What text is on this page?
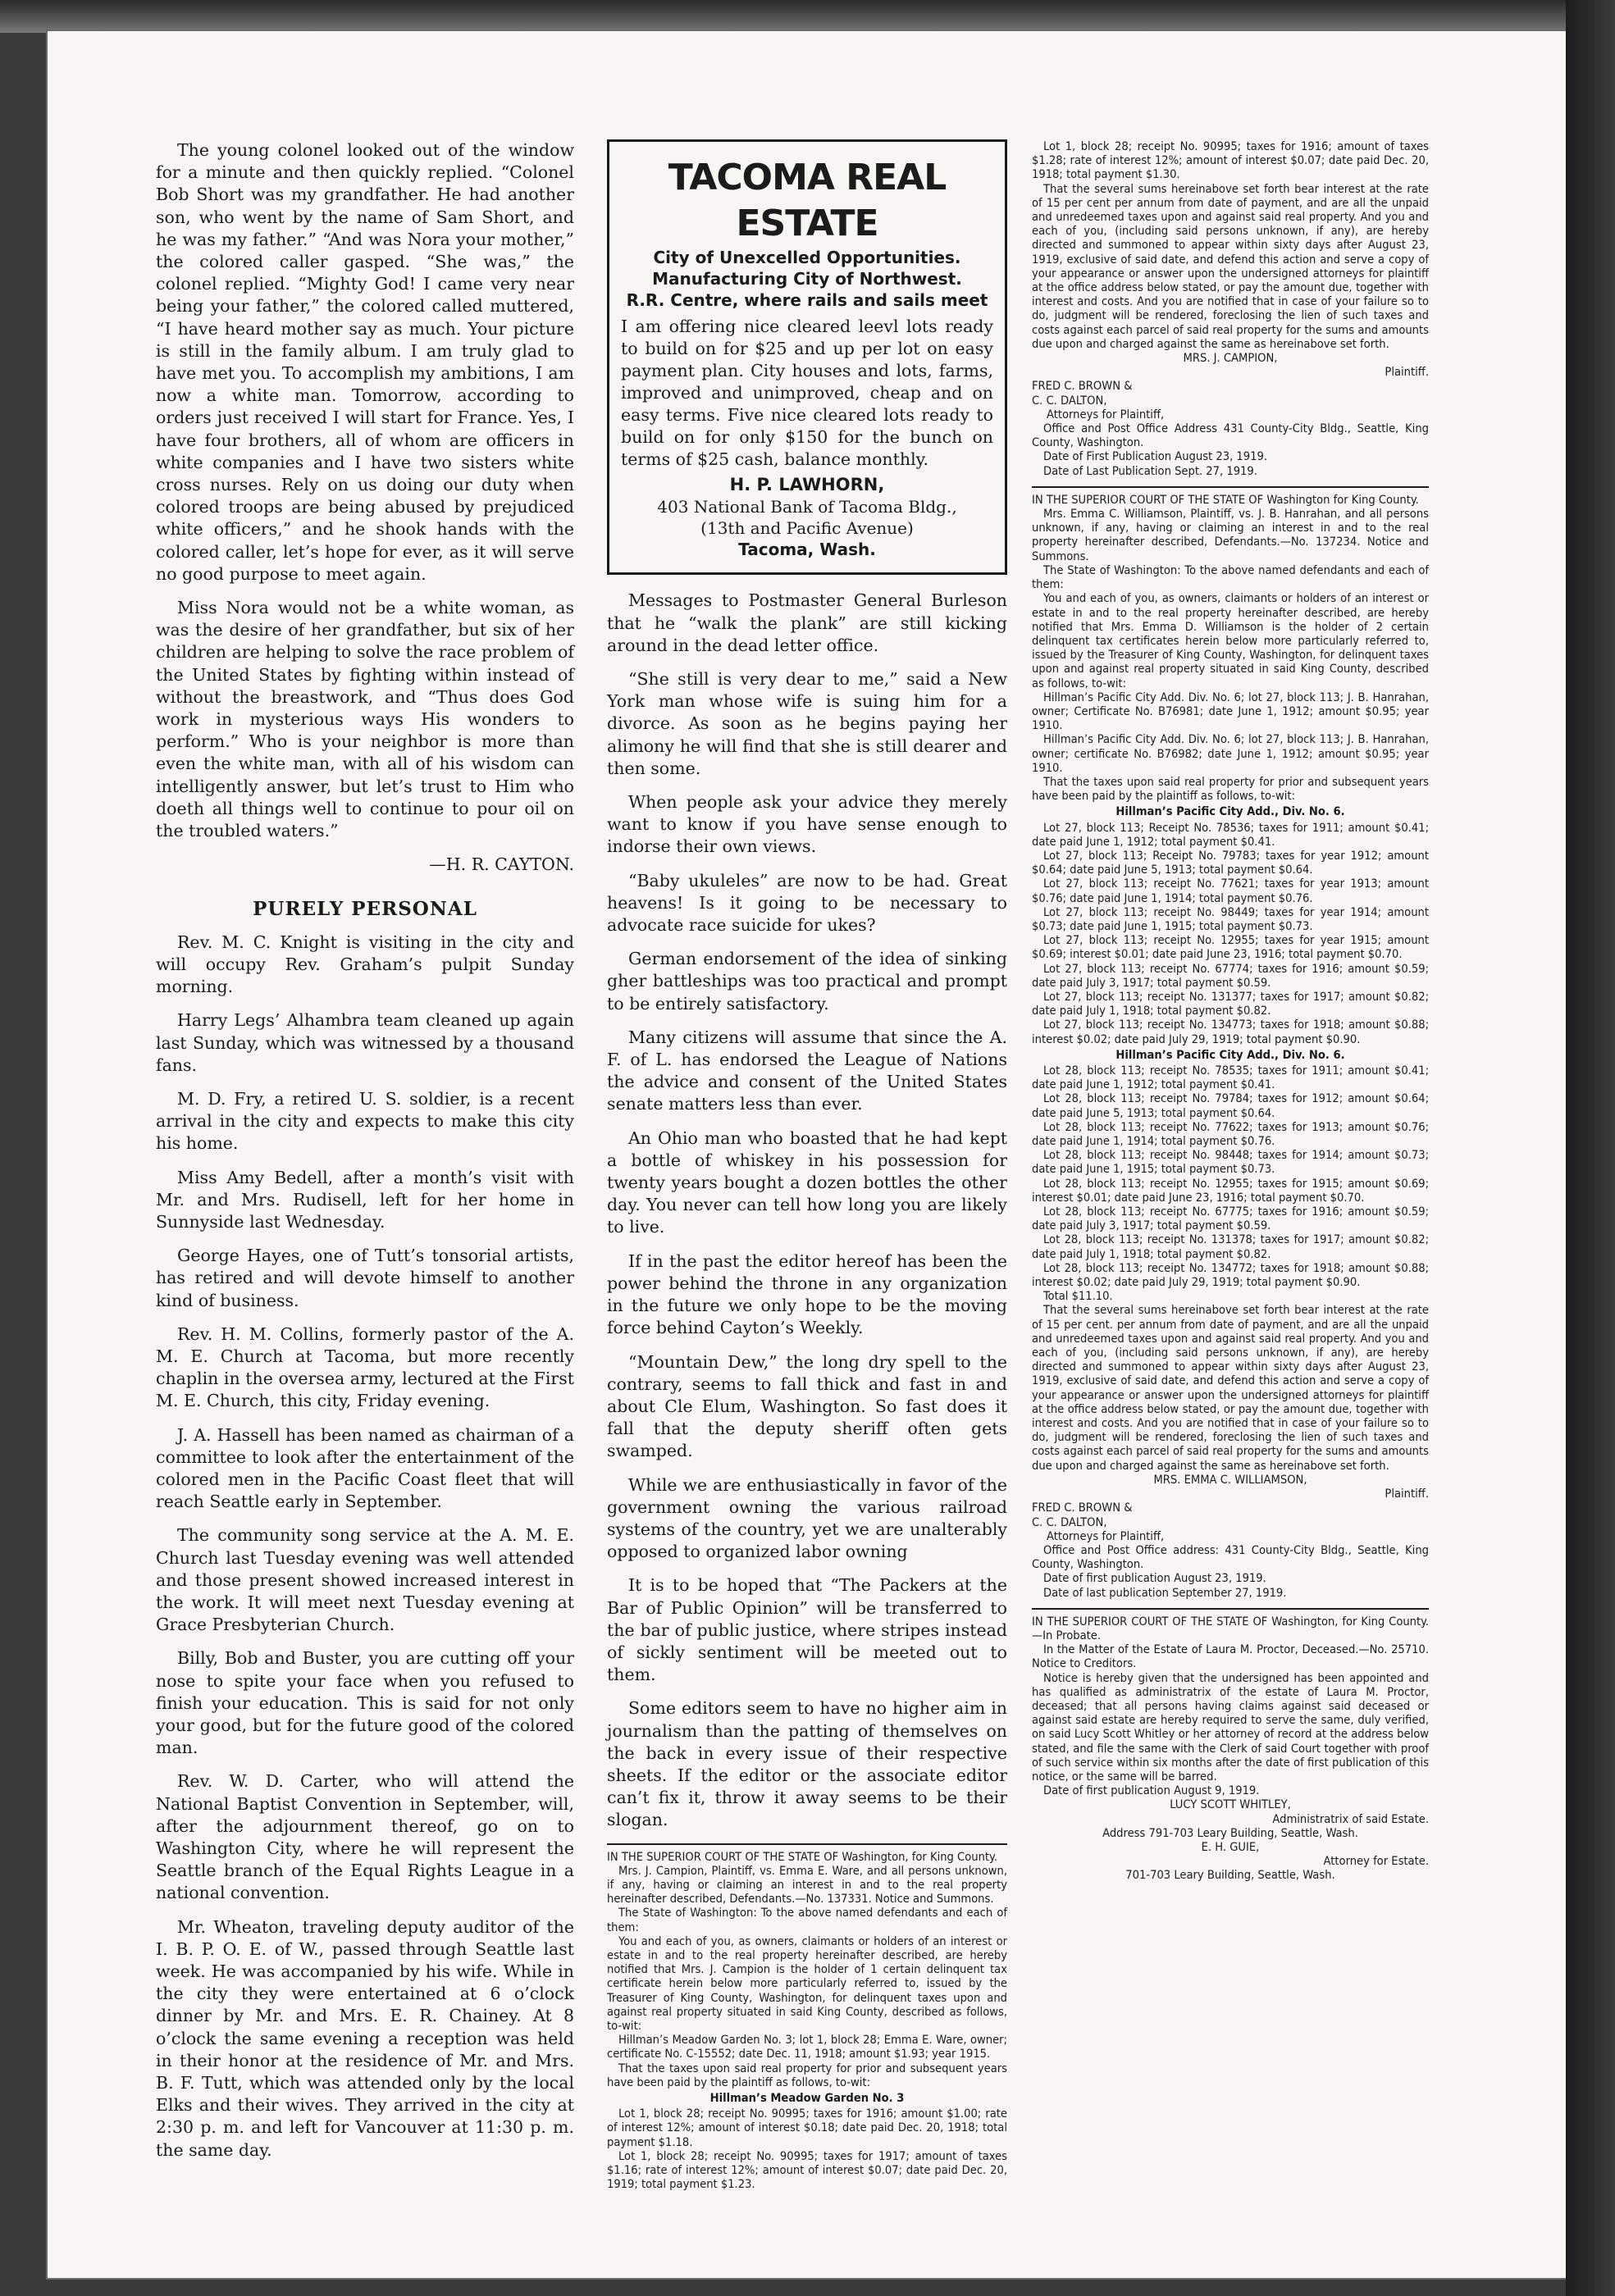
The young colonel looked out of the window for a minute and then quickly replied. “Colonel Bob Short was my grandfather. He had another son, who went by the name of Sam Short, and he was my father.” “And was Nora your mother,” the colored caller gasped. “She was,” the colonel replied. “Mighty God! I came very near being your father,” the colored called muttered, “I have heard mother say as much. Your picture is still in the family album. I am truly glad to have met you. To accomplish my ambitions, I am now a white man. Tomorrow, according to orders just received I will start for France. Yes, I have four brothers, all of whom are officers in white companies and I have two sisters white cross nurses. Rely on us doing our duty when colored troops are being abused by prejudiced white officers,” and he shook hands with the colored caller, let’s hope for ever, as it will serve no good purpose to meet again.

Miss Nora would not be a white woman, as was the desire of her grandfather, but six of her children are helping to solve the race problem of the United States by fighting within instead of without the breastwork, and “Thus does God work in mysterious ways His wonders to perform.” Who is your neighbor is more than even the white man, with all of his wisdom can intelligently answer, but let’s trust to Him who doeth all things well to continue to pour oil on the troubled waters.”

—H. R. CAYTON.
PURELY PERSONAL

Rev. M. C. Knight is visiting in the city and will occupy Rev. Graham’s pulpit Sunday morning.

Harry Legs’ Alhambra team cleaned up again last Sunday, which was witnessed by a thousand fans.

M. D. Fry, a retired U. S. soldier, is a recent arrival in the city and expects to make this city his home.

Miss Amy Bedell, after a month’s visit with Mr. and Mrs. Rudisell, left for her home in Sunnyside last Wednesday.

George Hayes, one of Tutt’s tonsorial artists, has retired and will devote himself to another kind of business.

Rev. H. M. Collins, formerly pastor of the A. M. E. Church at Tacoma, but more recently chaplin in the oversea army, lectured at the First M. E. Church, this city, Friday evening.

J. A. Hassell has been named as chairman of a committee to look after the entertainment of the colored men in the Pacific Coast fleet that will reach Seattle early in September.

The community song service at the A. M. E. Church last Tuesday evening was well attended and those present showed increased interest in the work. It will meet next Tuesday evening at Grace Presbyterian Church.

Billy, Bob and Buster, you are cutting off your nose to spite your face when you refused to finish your education. This is said for not only your good, but for the future good of the colored man.

Rev. W. D. Carter, who will attend the National Baptist Convention in September, will, after the adjournment thereof, go on to Washington City, where he will represent the Seattle branch of the Equal Rights League in a national convention.

Mr. Wheaton, traveling deputy auditor of the I. B. P. O. E. of W., passed through Seattle last week. He was accompanied by his wife. While in the city they were entertained at 6 o’clock dinner by Mr. and Mrs. E. R. Chainey. At 8 o’clock the same evening a reception was held in their honor at the residence of Mr. and Mrs. B. F. Tutt, which was attended only by the local Elks and their wives. They arrived in the city at 2:30 p. m. and left for Vancouver at 11:30 p. m. the same day.

TACOMA REAL ESTATE
City of Unexcelled Opportunities.
Manufacturing City of Northwest.
R.R. Centre, where rails and sails meet
I am offering nice cleared leevl lots ready to build on for $25 and up per lot on easy payment plan. City houses and lots, farms, improved and unimproved, cheap and on easy terms. Five nice cleared lots ready to build on for only $150 for the bunch on terms of $25 cash, balance monthly.
H. P. LAWHORN,
403 National Bank of Tacoma Bldg.,
(13th and Pacific Avenue)
Tacoma, Wash.

Messages to Postmaster General Burleson that he “walk the plank” are still kicking around in the dead letter office.

“She still is very dear to me,” said a New York man whose wife is suing him for a divorce. As soon as he begins paying her alimony he will find that she is still dearer and then some.

When people ask your advice they merely want to know if you have sense enough to indorse their own views.

“Baby ukuleles” are now to be had. Great heavens! Is it going to be necessary to advocate race suicide for ukes?

German endorsement of the idea of sinking gher battleships was too practical and prompt to be entirely satisfactory.

Many citizens will assume that since the A. F. of L. has endorsed the League of Nations the advice and consent of the United States senate matters less than ever.

An Ohio man who boasted that he had kept a bottle of whiskey in his possession for twenty years bought a dozen bottles the other day. You never can tell how long you are likely to live.

If in the past the editor hereof has been the power behind the throne in any organization in the future we only hope to be the moving force behind Cayton’s Weekly.

“Mountain Dew,” the long dry spell to the contrary, seems to fall thick and fast in and about Cle Elum, Washington. So fast does it fall that the deputy sheriff often gets swamped.

While we are enthusiastically in favor of the government owning the various railroad systems of the country, yet we are unalterably opposed to organized labor owning

It is to be hoped that “The Packers at the Bar of Public Opinion” will be transferred to the bar of public justice, where stripes instead of sickly sentiment will be meeted out to them.

Some editors seem to have no higher aim in journalism than the patting of themselves on the back in every issue of their respective sheets. If the editor or the associate editor can’t fix it, throw it away seems to be their slogan.

IN THE SUPERIOR COURT OF THE STATE OF Washington, for King County.

Mrs. J. Campion, Plaintiff, vs. Emma E. Ware, and all persons unknown, if any, having or claiming an interest in and to the real property hereinafter described, Defendants.—No. 137331. Notice and Summons.

The State of Washington: To the above named defendants and each of them:

You and each of you, as owners, claimants or holders of an interest or estate in and to the real property hereinafter described, are hereby notified that Mrs. J. Campion is the holder of 1 certain delinquent tax certificate herein below more particularly referred to, issued by the Treasurer of King County, Washington, for delinquent taxes upon and against real property situated in said King County, described as follows, to-wit:

Hillman’s Meadow Garden No. 3; lot 1, block 28; Emma E. Ware, owner; certificate No. C-15552; date Dec. 11, 1918; amount $1.93; year 1915.

That the taxes upon said real property for prior and subsequent years have been paid by the plaintiff as follows, to-wit:

Hillman’s Meadow Garden No. 3

Lot 1, block 28; receipt No. 90995; taxes for 1916; amount $1.00; rate of interest 12%; amount of interest $0.18; date paid Dec. 20, 1918; total payment $1.18.

Lot 1, block 28; receipt No. 90995; taxes for 1917; amount of taxes $1.16; rate of interest 12%; amount of interest $0.07; date paid Dec. 20, 1919; total payment $1.23.

Lot 1, block 28; receipt No. 90995; taxes for 1916; amount of taxes $1.28; rate of interest 12%; amount of interest $0.07; date paid Dec. 20, 1918; total payment $1.30.

That the several sums hereinabove set forth bear interest at the rate of 15 per cent per annum from date of payment, and are all the unpaid and unredeemed taxes upon and against said real property. And you and each of you, (including said persons unknown, if any), are hereby directed and summoned to appear within sixty days after August 23, 1919, exclusive of said date, and defend this action and serve a copy of your appearance or answer upon the undersigned attorneys for plaintiff at the office address below stated, or pay the amount due, together with interest and costs. And you are notified that in case of your failure so to do, judgment will be rendered, foreclosing the lien of such taxes and costs against each parcel of said real property for the sums and amounts due upon and charged against the same as hereinabove set forth.

MRS. J. CAMPION,

Plaintiff.

FRED C. BROWN &

C. C. DALTON,

Attorneys for Plaintiff,

Office and Post Office Address 431 County-City Bldg., Seattle, King County, Washington.

Date of First Publication August 23, 1919.

Date of Last Publication Sept. 27, 1919.

IN THE SUPERIOR COURT OF THE STATE OF Washington for King County.

Mrs. Emma C. Williamson, Plaintiff, vs. J. B. Hanrahan, and all persons unknown, if any, having or claiming an interest in and to the real property hereinafter described, Defendants.—No. 137234. Notice and Summons.

The State of Washington: To the above named defendants and each of them:

You and each of you, as owners, claimants or holders of an interest or estate in and to the real property hereinafter described, are hereby notified that Mrs. Emma D. Williamson is the holder of 2 certain delinquent tax certificates herein below more particularly referred to, issued by the Treasurer of King County, Washington, for delinquent taxes upon and against real property situated in said King County, described as follows, to-wit:

Hillman’s Pacific City Add. Div. No. 6; lot 27, block 113; J. B. Hanrahan, owner; Certificate No. B76981; date June 1, 1912; amount $0.95; year 1910.

Hillman’s Pacific City Add. Div. No. 6; lot 27, block 113; J. B. Hanrahan, owner; certificate No. B76982; date June 1, 1912; amount $0.95; year 1910.

That the taxes upon said real property for prior and subsequent years have been paid by the plaintiff as follows, to-wit:

Hillman’s Pacific City Add., Div. No. 6.

Lot 27, block 113; Receipt No. 78536; taxes for 1911; amount $0.41; date paid June 1, 1912; total payment $0.41.

Lot 27, block 113; Receipt No. 79783; taxes for year 1912; amount $0.64; date paid June 5, 1913; total payment $0.64.

Lot 27, block 113; receipt No. 77621; taxes for year 1913; amount $0.76; date paid June 1, 1914; total payment $0.76.

Lot 27, block 113; receipt No. 98449; taxes for year 1914; amount $0.73; date paid June 1, 1915; total payment $0.73.

Lot 27, block 113; receipt No. 12955; taxes for year 1915; amount $0.69; interest $0.01; date paid June 23, 1916; total payment $0.70.

Lot 27, block 113; receipt No. 67774; taxes for 1916; amount $0.59; date paid July 3, 1917; total payment $0.59.

Lot 27, block 113; receipt No. 131377; taxes for 1917; amount $0.82; date paid July 1, 1918; total payment $0.82.

Lot 27, block 113; receipt No. 134773; taxes for 1918; amount $0.88; interest $0.02; date paid July 29, 1919; total payment $0.90.

Hillman’s Pacific City Add., Div. No. 6.

Lot 28, block 113; receipt No. 78535; taxes for 1911; amount $0.41; date paid June 1, 1912; total payment $0.41.

Lot 28, block 113; receipt No. 79784; taxes for 1912; amount $0.64; date paid June 5, 1913; total payment $0.64.

Lot 28, block 113; receipt No. 77622; taxes for 1913; amount $0.76; date paid June 1, 1914; total payment $0.76.

Lot 28, block 113; receipt No. 98448; taxes for 1914; amount $0.73; date paid June 1, 1915; total payment $0.73.

Lot 28, block 113; receipt No. 12955; taxes for 1915; amount $0.69; interest $0.01; date paid June 23, 1916; total payment $0.70.

Lot 28, block 113; receipt No. 67775; taxes for 1916; amount $0.59; date paid July 3, 1917; total payment $0.59.

Lot 28, block 113; receipt No. 131378; taxes for 1917; amount $0.82; date paid July 1, 1918; total payment $0.82.

Lot 28, block 113; receipt No. 134772; taxes for 1918; amount $0.88; interest $0.02; date paid July 29, 1919; total payment $0.90.

Total $11.10.

That the several sums hereinabove set forth bear interest at the rate of 15 per cent. per annum from date of payment, and are all the unpaid and unredeemed taxes upon and against said real property. And you and each of you, (including said persons unknown, if any), are hereby directed and summoned to appear within sixty days after August 23, 1919, exclusive of said date, and defend this action and serve a copy of your appearance or answer upon the undersigned attorneys for plaintiff at the office address below stated, or pay the amount due, together with interest and costs. And you are notified that in case of your failure so to do, judgment will be rendered, foreclosing the lien of such taxes and costs against each parcel of said real property for the sums and amounts due upon and charged against the same as hereinabove set forth.

MRS. EMMA C. WILLIAMSON,

Plaintiff.

FRED C. BROWN &

C. C. DALTON,

Attorneys for Plaintiff,

Office and Post Office address: 431 County-City Bldg., Seattle, King County, Washington.

Date of first publication August 23, 1919.

Date of last publication September 27, 1919.

IN THE SUPERIOR COURT OF THE STATE OF Washington, for King County.—In Probate.

In the Matter of the Estate of Laura M. Proctor, Deceased.—No. 25710. Notice to Creditors.

Notice is hereby given that the undersigned has been appointed and has qualified as administratrix of the estate of Laura M. Proctor, deceased; that all persons having claims against said deceased or against said estate are hereby required to serve the same, duly verified, on said Lucy Scott Whitley or her attorney of record at the address below stated, and file the same with the Clerk of said Court together with proof of such service within six months after the date of first publication of this notice, or the same will be barred.

Date of first publication August 9, 1919.

LUCY SCOTT WHITLEY,

Administratrix of said Estate.

Address 791-703 Leary Building, Seattle, Wash.

E. H. GUIE,

Attorney for Estate.

701-703 Leary Building, Seattle, Wash.
